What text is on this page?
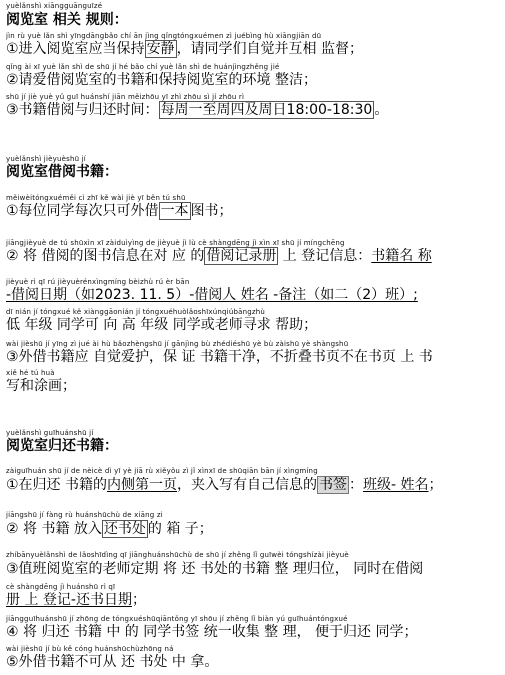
yuèlǎnshì xiāngguānguīzé
阅览室 相关 规则：
jìn rù yuè lǎn shì yīngdāngbǎo chí ān jìng qǐngtóngxuémen zì juébìng hù xiāngjiān dū
①进入阅览室应当保持 安静 ，请同学们自觉并互相 监督；
qǐng ài xī yuè lǎn shì de shū jí hé bǎo chí yuè lǎn shì de huánjìngzhěng jié
②请爱借阅览室的书籍和保持阅览室的环境 整洁；
shū jí jiè yuè yǔ guī huánshí jiān měizhōu yī zhì zhōu sì jí zhōu rì
③书籍借阅与归还时间： 每周一至周四及周日18:00-18:30 。
yuèlǎnshì jièyuèshū jí
阅览室借阅书籍：
měiwèitóngxuéměi cì zhī kě wài jiè yī běn tú shū
①每位同学每次只可外借 一本 图书；
jiāngjièyuè de tú shūxìn xī zàiduìyìng de jièyuè jì lù cè shàngdēng jì xìn xī shū jí míngchēng
② 将 借阅的图书信息在对 应 的 借阅记录册 上 登记信息：书籍名 称
jièyuè rì qī rú jièyuèrénxìngmíng bèizhù rú èr bān
-借阅日期（如2023. 11. 5）-借阅人 姓名 -备注（如二（2）班）;
dī nián jí tóngxué kě xiànggāonián jí tóngxuéhuòlǎoshīxúnqiúbāngzhù
低 年级 同学可 向 高 年级 同学或老师寻求 帮助；
wài jièshū jí yīng zì jué ài hù bǎozhèngshū jí gānjìng bù zhédiéshū yè bù zàishū yè shàngshū
③外借书籍应 自觉爱护，保 证 书籍干净，不折叠书页不在书页 上 书
xiě hé tú huà
写和涂画；
yuèlǎnshì guīhuánshū jí
阅览室归还书籍：
zàiguīhuán shū jí de nèicè dì yī yè jiā rù xiěyǒu zì jǐ xìnxī de shūqiān bān jí xìngmíng
①在归还 书籍的内侧第一页，夹入写有自己信息的 书签 ：班级- 姓名；
jiāngshū jí fàng rù huánshūchù de xiāng zi
② 将 书籍 放入 还书处 的 箱 子；
zhíbānyuèlǎnshì de lǎoshīdìng qī jiānghuánshūchù de shū jí zhěng lǐ guīwèi tóngshízài jièyuè
③值班阅览室的老师定期 将 还 书处的书籍 整 理归位， 同时在借阅
cè shàngdēng jì huánshū rì qī
册 上 登记-还书日期；
jiāngguīhuánshū jí zhōng de tóngxuéshūqiāntǒng yī shōu jí zhěng lǐ biàn yú guīhuántóngxué
④ 将 归还 书籍 中 的 同学书签 统一收集 整 理， 便于归还 同学；
wài jièshū jí bù kě cóng huánshūchùzhōng ná
⑤外借书籍不可从 还 书处 中 拿。
